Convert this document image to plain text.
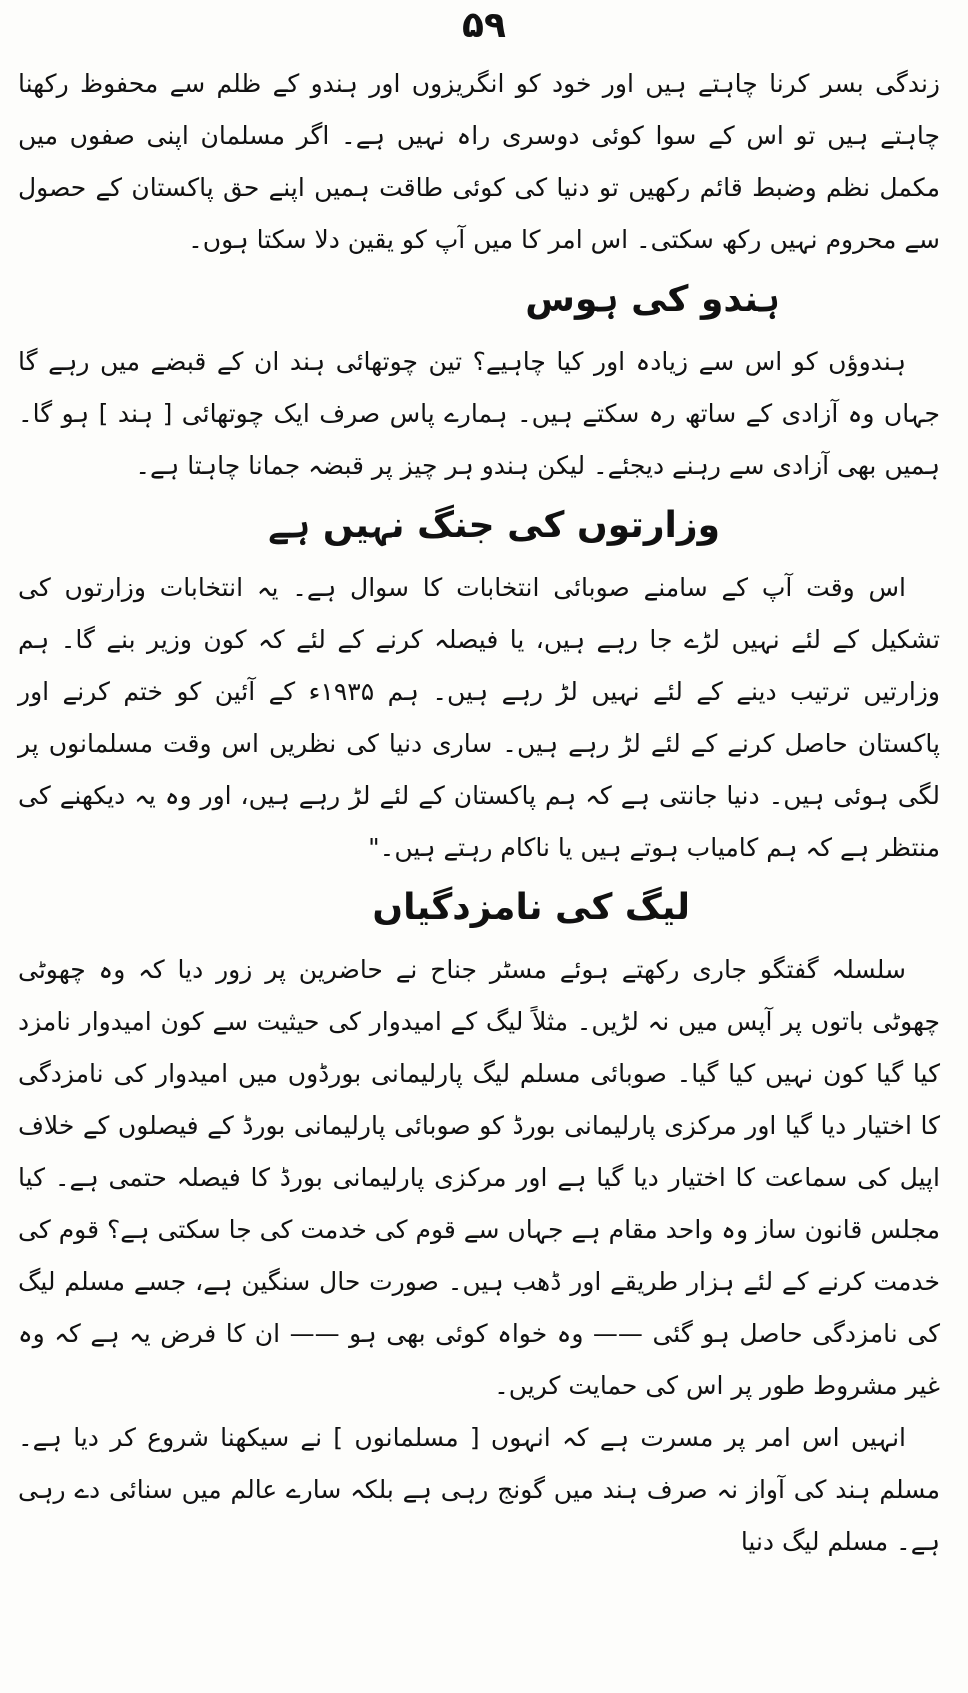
۵۹

زندگی بسر کرنا چاہتے ہیں اور خود کو انگریزوں اور ہندو کے ظلم سے محفوظ رکھنا چاہتے ہیں تو اس کے سوا کوئی دوسری راہ نہیں ہے۔ اگر مسلمان اپنی صفوں میں مکمل نظم وضبط قائم رکھیں تو دنیا کی کوئی طاقت ہمیں اپنے حق پاکستان کے حصول سے محروم نہیں رکھ سکتی۔ اس امر کا میں آپ کو یقین دلا سکتا ہوں۔

ہندو کی ہوس

ہندوؤں کو اس سے زیادہ اور کیا چاہیے؟ تین چوتھائی ہند ان کے قبضے میں رہے گا جہاں وہ آزادی کے ساتھ رہ سکتے ہیں۔ ہمارے پاس صرف ایک چوتھائی [ ہند ] ہو گا۔ ہمیں بھی آزادی سے رہنے دیجئے۔ لیکن ہندو ہر چیز پر قبضہ جمانا چاہتا ہے۔

وزارتوں کی جنگ نہیں ہے

اس وقت آپ کے سامنے صوبائی انتخابات کا سوال ہے۔ یہ انتخابات وزارتوں کی تشکیل کے لئے نہیں لڑے جا رہے ہیں، یا فیصلہ کرنے کے لئے کہ کون وزیر بنے گا۔ ہم وزارتیں ترتیب دینے کے لئے نہیں لڑ رہے ہیں۔ ہم ۱۹۳۵ء کے آئین کو ختم کرنے اور پاکستان حاصل کرنے کے لئے لڑ رہے ہیں۔ ساری دنیا کی نظریں اس وقت مسلمانوں پر لگی ہوئی ہیں۔ دنیا جانتی ہے کہ ہم پاکستان کے لئے لڑ رہے ہیں، اور وہ یہ دیکھنے کی منتظر ہے کہ ہم کامیاب ہوتے ہیں یا ناکام رہتے ہیں۔"

لیگ کی نامزدگیاں

سلسلہ گفتگو جاری رکھتے ہوئے مسٹر جناح نے حاضرین پر زور دیا کہ وہ چھوٹی چھوٹی باتوں پر آپس میں نہ لڑیں۔ مثلاً لیگ کے امیدوار کی حیثیت سے کون امیدوار نامزد کیا گیا کون نہیں کیا گیا۔ صوبائی مسلم لیگ پارلیمانی بورڈوں میں امیدوار کی نامزدگی کا اختیار دیا گیا اور مرکزی پارلیمانی بورڈ کو صوبائی پارلیمانی بورڈ کے فیصلوں کے خلاف اپیل کی سماعت کا اختیار دیا گیا ہے اور مرکزی پارلیمانی بورڈ کا فیصلہ حتمی ہے۔ کیا مجلس قانون ساز وہ واحد مقام ہے جہاں سے قوم کی خدمت کی جا سکتی ہے؟ قوم کی خدمت کرنے کے لئے ہزار طریقے اور ڈھب ہیں۔ صورت حال سنگین ہے، جسے مسلم لیگ کی نامزدگی حاصل ہو گئی —— وہ خواہ کوئی بھی ہو —— ان کا فرض یہ ہے کہ وہ غیر مشروط طور پر اس کی حمایت کریں۔

انہیں اس امر پر مسرت ہے کہ انہوں [ مسلمانوں ] نے سیکھنا شروع کر دیا ہے۔ مسلم ہند کی آواز نہ صرف ہند میں گونج رہی ہے بلکہ سارے عالم میں سنائی دے رہی ہے۔ مسلم لیگ دنیا
